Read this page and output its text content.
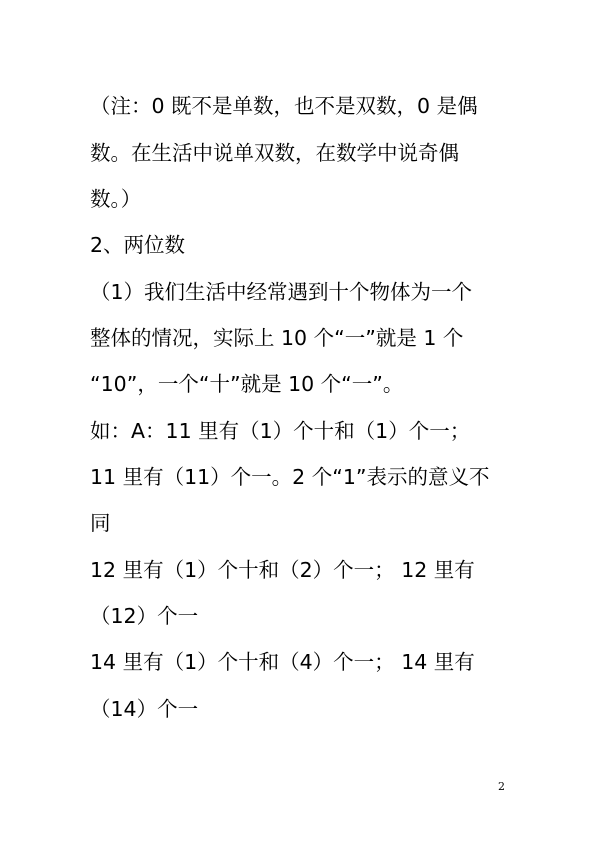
（注：0 既不是单数，也不是双数，0 是偶
数。在生活中说单双数，在数学中说奇偶
数。）
2、两位数
（1）我们生活中经常遇到十个物体为一个
整体的情况，实际上 10 个“一”就是 1 个
“10”，一个“十”就是 10 个“一”。
如：A：11 里有（1）个十和（1）个一；
11 里有（11）个一。2 个“1”表示的意义不
同
12 里有（1）个十和（2）个一； 12 里有
（12）个一
14 里有（1）个十和（4）个一； 14 里有
（14）个一
2
